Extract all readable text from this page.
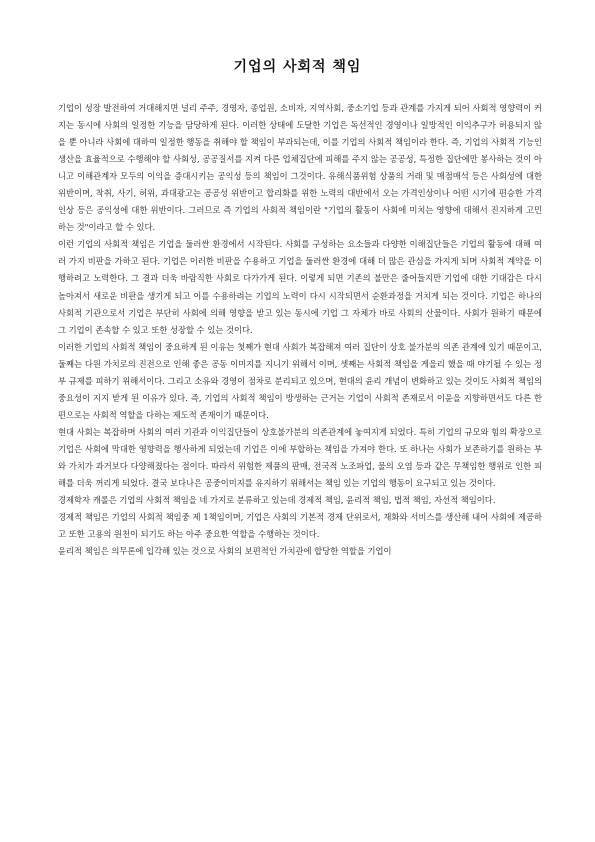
기업의 사회적 책임

기업이 성장 발전하여 거대해지면 널리 주주, 경영자, 종업원, 소비자, 지역사회, 중소기업 등과 관계를 가지게 되어 사회적 영향력이 커지는 동시에 사회의 일정한 기능을 담당하게 된다. 이러한 상태에 도달한 기업은 독선적인 경영이나 일방적인 이익추구가 허용되지 않을 뿐 아니라 사회에 대하여 일정한 행동을 취해야 할 책임이 부과되는데, 이를 기업의 사회적 책임이라 한다. 즉, 기업의 사회적 기능인 생산을 효율적으로 수행해야 할 사회성, 공공질서를 지켜 다른 업체집단에 피해를 주지 않는 공공성, 특정한 집단에만 봉사하는 것이 아니고 이해관계자 모두의 이익을 증대시키는 공익성 등의 책임이 그것이다. 유해식품위험 상품의 거래 및 매점매석 등은 사회성에 대한 위반이며, 착취, 사기, 허위, 과대광고는 공공성 위반이고 합리화를 위한 노력의 대반에서 오는 가격인상이나 어떤 시기에 편승한 가격인상 등은 공익성에 대한 위반이다. 그러므로 즉 기업의 사회적 책임이란 "기업의 활동이 사회에 미치는 영향에 대해서 진지하게 고민하는 것"이라고 할 수 있다.

이런 기업의 사회적 책임은 기업을 둘러싼 환경에서 시작된다. 사회를 구성하는 요소들과 다양한 이해집단들은 기업의 활동에 대해 여러 가지 비판을 가하고 된다. 기업은 이러한 비판을 수용하고 기업을 둘러싼 환경에 대해 더 많은 관심을 가지게 되며 사회적 계약을 이행하려고 노력한다. 그 결과 더욱 바람직한 사회로 다가가게 된다. 이렇게 되면 기존의 불만은 줄어들지만 기업에 대한 기대감은 다시 높아져서 새로운 비판을 생기게 되고 이를 수용하려는 기업의 노력이 다시 시작되면서 순환과정을 거치게 되는 것이다. 기업은 하나의 사회적 기관으로서 기업은 부단히 사회에 의해 영향을 받고 있는 동시에 기업 그 자체가 바로 사회의 산물이다. 사회가 원하기 때문에 그 기업이 존속할 수 있고 또한 성장할 수 있는 것이다.

이러한 기업의 사회적 책임이 중요하게 된 이유는 첫째가 현대 사회가 복잡해져 여러 집단이 상호 불가분의 의존 관계에 있기 때문이고, 둘째는 다원 가치로의 진전으로 인해 좋은 공동 이미지를 지니기 위해서 이며, 셋째는 사회적 책임을 게을리 했을 때 야기될 수 있는 정부 규제를 피하기 위해서이다. 그리고 소유와 경영이 점차로 분리되고 있으며, 현대의 윤리 개념이 변화하고 있는 것이도 사회적 책임의 중요성이 지지 받게 된 이유가 있다. 즉, 기업의 사회적 책임이 방생하는 근거는 기업이 사회적 존재로서 이윤을 지향하면서도 다른 한편으로는 사회적 역할을 다하는 제도적 존재이기 때문이다.

현대 사회는 복잡하며 사회의 여러 기관과 이익집단들이 상호불가분의 의존관계에 놓여지게 되었다. 특히 기업의 규모와 힘의 확장으로 기업은 사회에 막대한 영향력을 행사하게 되었는데 기업은 이에 부합하는 책임을 가져야 한다. 또 하나는 사회가 보존하기를 원하는 부와 가치가 과거보다 다양해졌다는 점이다. 따라서 위험한 제품의 판매, 전국적 노조파업, 물의 오염 등과 같은 무책임한 행위로 인한 피해를 더욱 꺼리게 되었다. 결국 보다나은 공중이미지를 유지하기 위해서는 책임 있는 기업의 행동이 요구되고 있는 것이다.

경제학자 캐롤은 기업의 사회적 책임을 네 가지로 분류하고 있는데 경제적 책임, 윤리적 책임, 법적 책임, 자선적 책임이다.

경제적 책임은 기업의 사회적 책임중 제 1책임이며, 기업은 사회의 기본적 경제 단위로서, 재화와 서비스를 생산해 내어 사회에 제공하고 또한 고용의 원천이 되기도 하는 아주 중요한 역할을 수행하는 것이다.

윤리적 책임은 의무론에 입각해 있는 것으로 사회의 보편적인 가치관에 합당한 역할을 기업이
